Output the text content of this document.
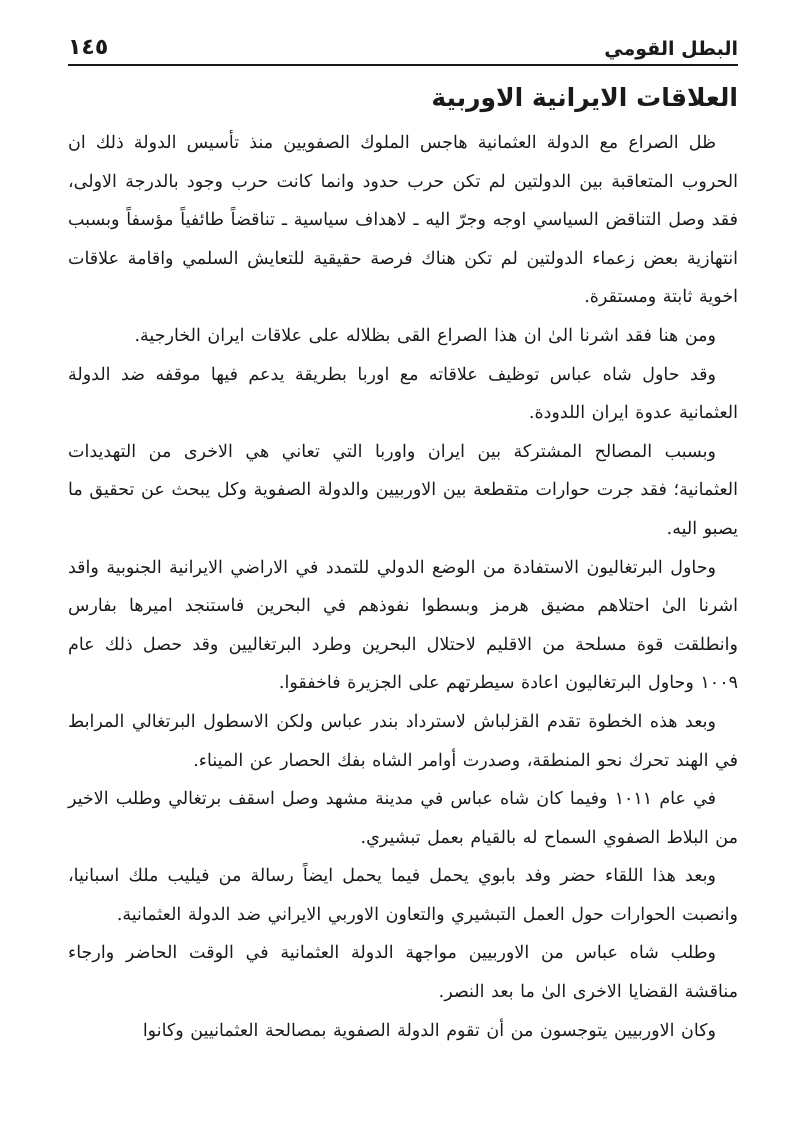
البطل القومي
١٤٥
العلاقات الايرانية الاوربية

ظل الصراع مع الدولة العثمانية هاجس الملوك الصفويين منذ تأسيس الدولة ذلك ان الحروب المتعاقبة بين الدولتين لم تكن حرب حدود وانما كانت حرب وجود بالدرجة الاولى، فقد وصل التناقض السياسي اوجه وجرّ اليه ـ لاهداف سياسية ـ تناقضاً طائفياً مؤسفاً وبسبب انتهازية بعض زعماء الدولتين لم تكن هناك فرصة حقيقية للتعايش السلمي واقامة علاقات اخوية ثابتة ومستقرة.

ومن هنا فقد اشرنا الىٰ ان هذا الصراع القى بظلاله على علاقات ايران الخارجية.

وقد حاول شاه عباس توظيف علاقاته مع اوربا بطريقة يدعم فيها موقفه ضد الدولة العثمانية عدوة ايران اللدودة.

وبسبب المصالح المشتركة بين ايران واوربا التي تعاني هي الاخرى من التهديدات العثمانية؛ فقد جرت حوارات متقطعة بين الاوربيين والدولة الصفوية وكل يبحث عن تحقيق ما يصبو اليه.

وحاول البرتغاليون الاستفادة من الوضع الدولي للتمدد في الاراضي الايرانية الجنوبية واقد اشرنا الىٰ احتلاهم مضيق هرمز وبسطوا نفوذهم في البحرين فاستنجد اميرها بفارس وانطلقت قوة مسلحة من الاقليم لاحتلال البحرين وطرد البرتغاليين وقد حصل ذلك عام ١٠٠٩ وحاول البرتغاليون اعادة سيطرتهم على الجزيرة فاخفقوا.

وبعد هذه الخطوة تقدم القزلباش لاسترداد بندر عباس ولكن الاسطول البرتغالي المرابط في الهند تحرك نحو المنطقة، وصدرت أوامر الشاه بفك الحصار عن الميناء.

في عام ١٠١١ وفيما كان شاه عباس في مدينة مشهد وصل اسقف برتغالي وطلب الاخير من البلاط الصفوي السماح له بالقيام بعمل تبشيري.

وبعد هذا اللقاء حضر وفد بابوي يحمل فيما يحمل ايضاً رسالة من فيليب ملك اسبانيا، وانصبت الحوارات حول العمل التبشيري والتعاون الاوربي الايراني ضد الدولة العثمانية.

وطلب شاه عباس من الاوربيين مواجهة الدولة العثمانية في الوقت الحاضر وارجاء مناقشة القضايا الاخرى الىٰ ما بعد النصر.

وكان الاوربيين يتوجسون من أن تقوم الدولة الصفوية بمصالحة العثمانيين وكانوا
